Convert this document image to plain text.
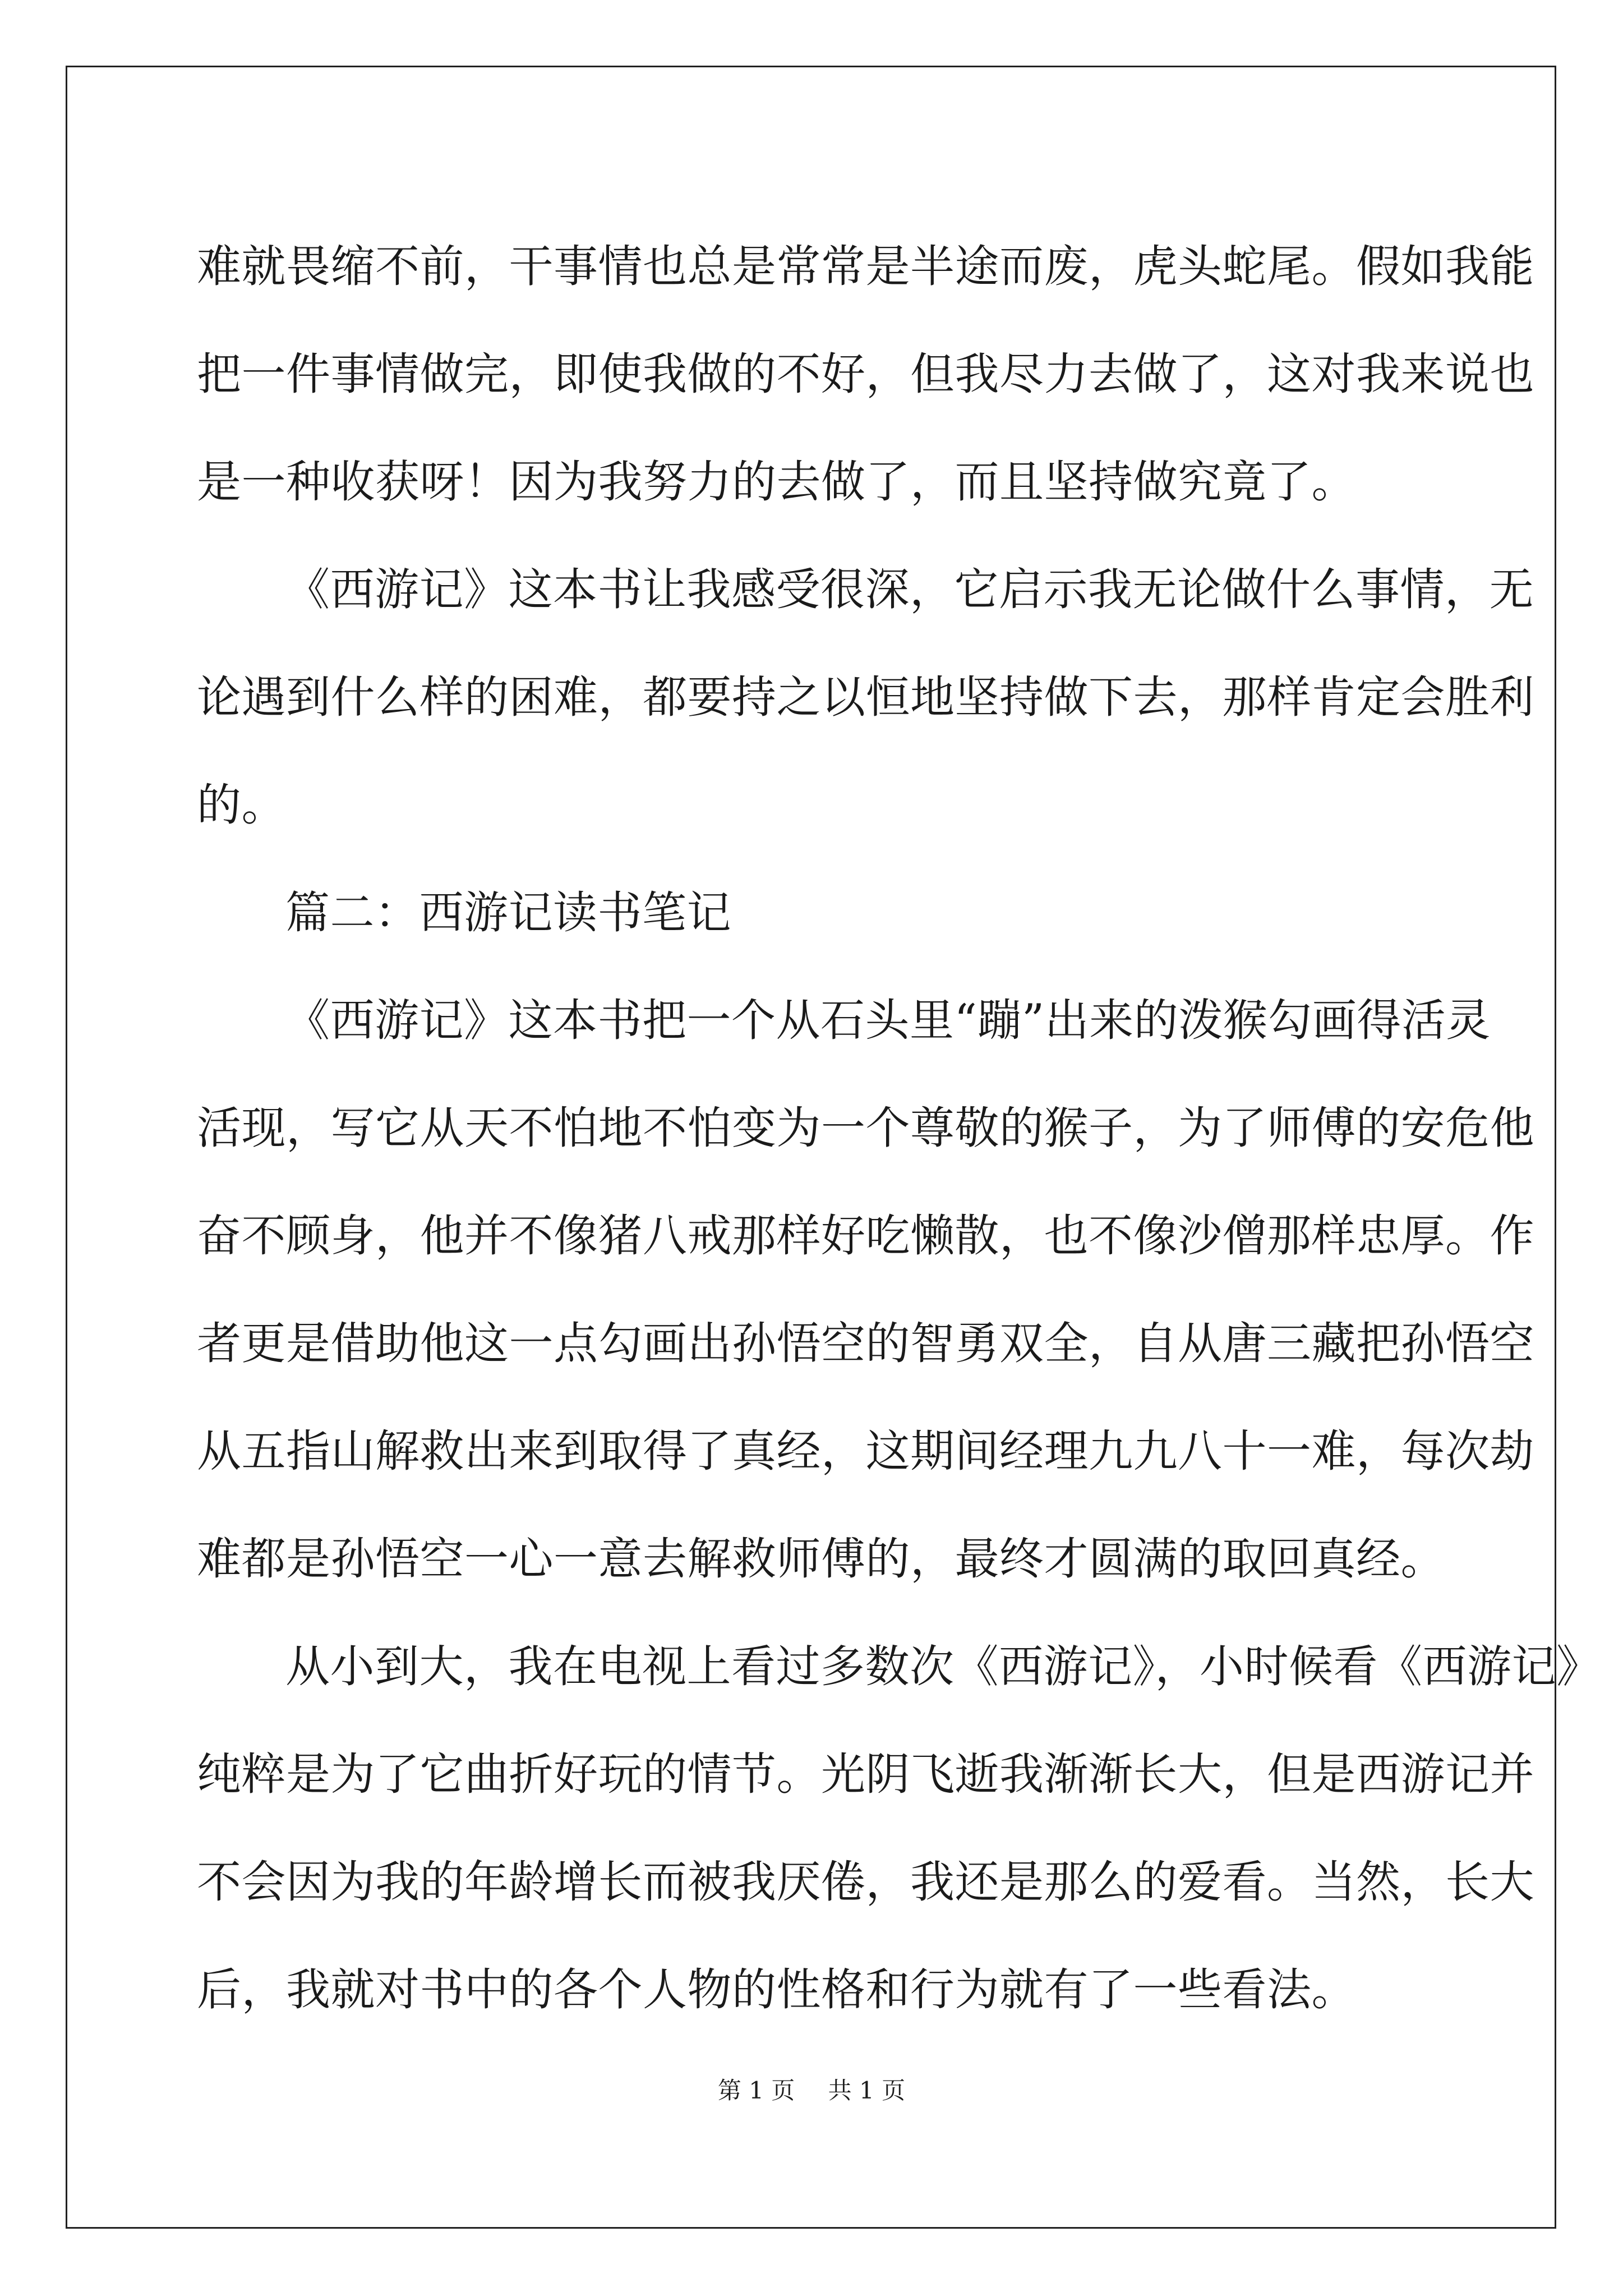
难就畏缩不前，干事情也总是常常是半途而废，虎头蛇尾。假如我能
把一件事情做完，即使我做的不好，但我尽力去做了，这对我来说也
是一种收获呀！因为我努力的去做了，而且坚持做究竟了。
《西游记》这本书让我感受很深，它启示我无论做什么事情，无
论遇到什么样的困难，都要持之以恒地坚持做下去，那样肯定会胜利
的。
篇二：西游记读书笔记
《西游记》这本书把一个从石头里“蹦”出来的泼猴勾画得活灵
活现，写它从天不怕地不怕变为一个尊敬的猴子，为了师傅的安危他
奋不顾身，他并不像猪八戒那样好吃懒散，也不像沙僧那样忠厚。作
者更是借助他这一点勾画出孙悟空的智勇双全，自从唐三藏把孙悟空
从五指山解救出来到取得了真经，这期间经理九九八十一难，每次劫
难都是孙悟空一心一意去解救师傅的，最终才圆满的取回真经。
从小到大，我在电视上看过多数次《西游记》，小时候看《西游记》
纯粹是为了它曲折好玩的情节。光阴飞逝我渐渐长大，但是西游记并
不会因为我的年龄增长而被我厌倦，我还是那么的爱看。当然，长大
后，我就对书中的各个人物的性格和行为就有了一些看法。
第 1 页 共 1 页
